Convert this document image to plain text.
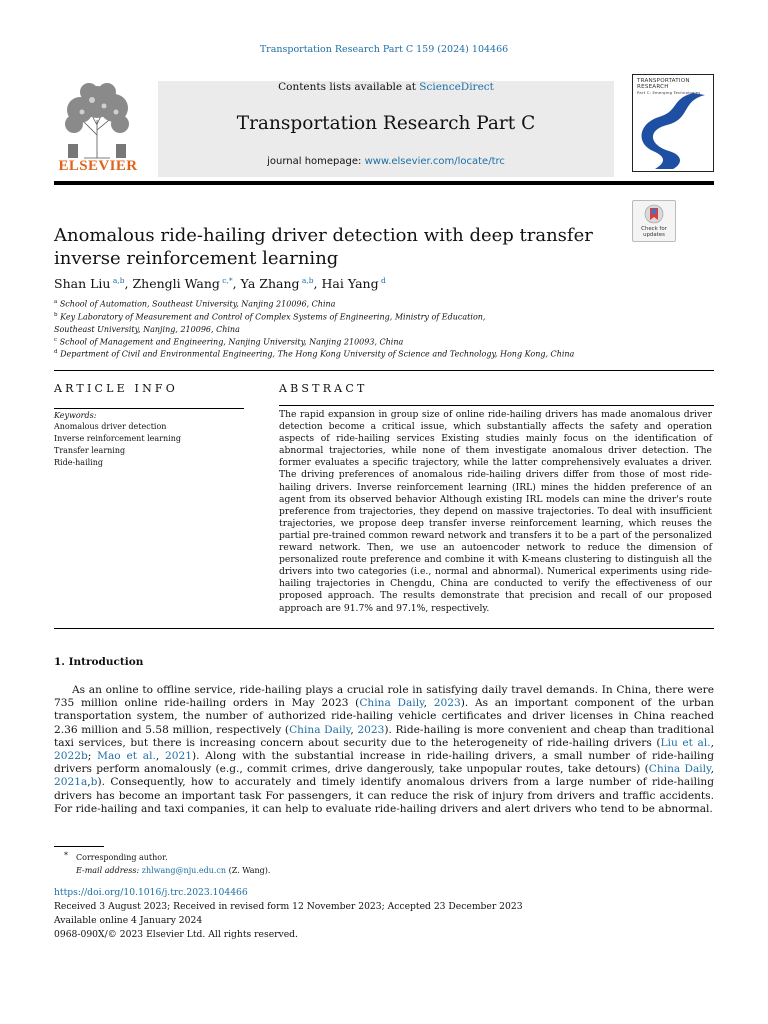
Transportation Research Part C 159 (2024) 104466
ELSEVIER
Contents lists available at ScienceDirect
Transportation Research Part C
journal homepage: www.elsevier.com/locate/trc
TRANSPORTATION RESEARCH
Part C: Emerging Technologies
Check for updates
Anomalous ride-hailing driver detection with deep transfer inverse reinforcement learning
Shan Liu $^{a,b}$, Zhengli Wang $^{c,*}$, Ya Zhang $^{a,b}$, Hai Yang $^d$
$^a$ School of Automation, Southeast University, Nanjing 210096, China
$^b$ Key Laboratory of Measurement and Control of Complex Systems of Engineering, Ministry of Education, Southeast University, Nanjing, 210096, China
$^c$ School of Management and Engineering, Nanjing University, Nanjing 210093, China
$^d$ Department of Civil and Environmental Engineering, The Hong Kong University of Science and Technology, Hong Kong, China
ARTICLE INFO
Keywords:
Anomalous driver detection
Inverse reinforcement learning
Transfer learning
Ride-hailing
ABSTRACT
The rapid expansion in group size of online ride-hailing drivers has made anomalous driver detection become a critical issue, which substantially affects the safety and operation aspects of ride-hailing services Existing studies mainly focus on the identification of abnormal trajectories, while none of them investigate anomalous driver detection. The former evaluates a specific trajectory, while the latter comprehensively evaluates a driver. The driving preferences of anomalous ride-hailing drivers differ from those of most ride-hailing drivers. Inverse reinforcement learning (IRL) mines the hidden preference of an agent from its observed behavior Although existing IRL models can mine the driver's route preference from trajectories, they depend on massive trajectories. To deal with insufficient trajectories, we propose deep transfer inverse reinforcement learning, which reuses the partial pre-trained common reward network and transfers it to be a part of the personalized reward network. Then, we use an autoencoder network to reduce the dimension of personalized route preference and combine it with K-means clustering to distinguish all the drivers into two categories (i.e., normal and abnormal). Numerical experiments using ride-hailing trajectories in Chengdu, China are conducted to verify the effectiveness of our proposed approach. The results demonstrate that precision and recall of our proposed approach are 91.7% and 97.1%, respectively.
1. Introduction
As an online to offline service, ride-hailing plays a crucial role in satisfying daily travel demands. In China, there were 735 million online ride-hailing orders in May 2023 (China Daily, 2023). As an important component of the urban transportation system, the number of authorized ride-hailing vehicle certificates and driver licenses in China reached 2.36 million and 5.58 million, respectively (China Daily, 2023). Ride-hailing is more convenient and cheap than traditional taxi services, but there is increasing concern about security due to the heterogeneity of ride-hailing drivers (Liu et al., 2022b; Mao et al., 2021). Along with the substantial increase in ride-hailing drivers, a small number of ride-hailing drivers perform anomalously (e.g., commit crimes, drive dangerously, take unpopular routes, take detours) (China Daily, 2021a,b). Consequently, how to accurately and timely identify anomalous drivers from a large number of ride-hailing drivers has become an important task For passengers, it can reduce the risk of injury from drivers and traffic accidents. For ride-hailing and taxi companies, it can help to evaluate ride-hailing drivers and alert drivers who tend to be abnormal.
* Corresponding author.
E-mail address: zhlwang@nju.edu.cn (Z. Wang).
https://doi.org/10.1016/j.trc.2023.104466
Received 3 August 2023; Received in revised form 12 November 2023; Accepted 23 December 2023
Available online 4 January 2024
0968-090X/© 2023 Elsevier Ltd. All rights reserved.
